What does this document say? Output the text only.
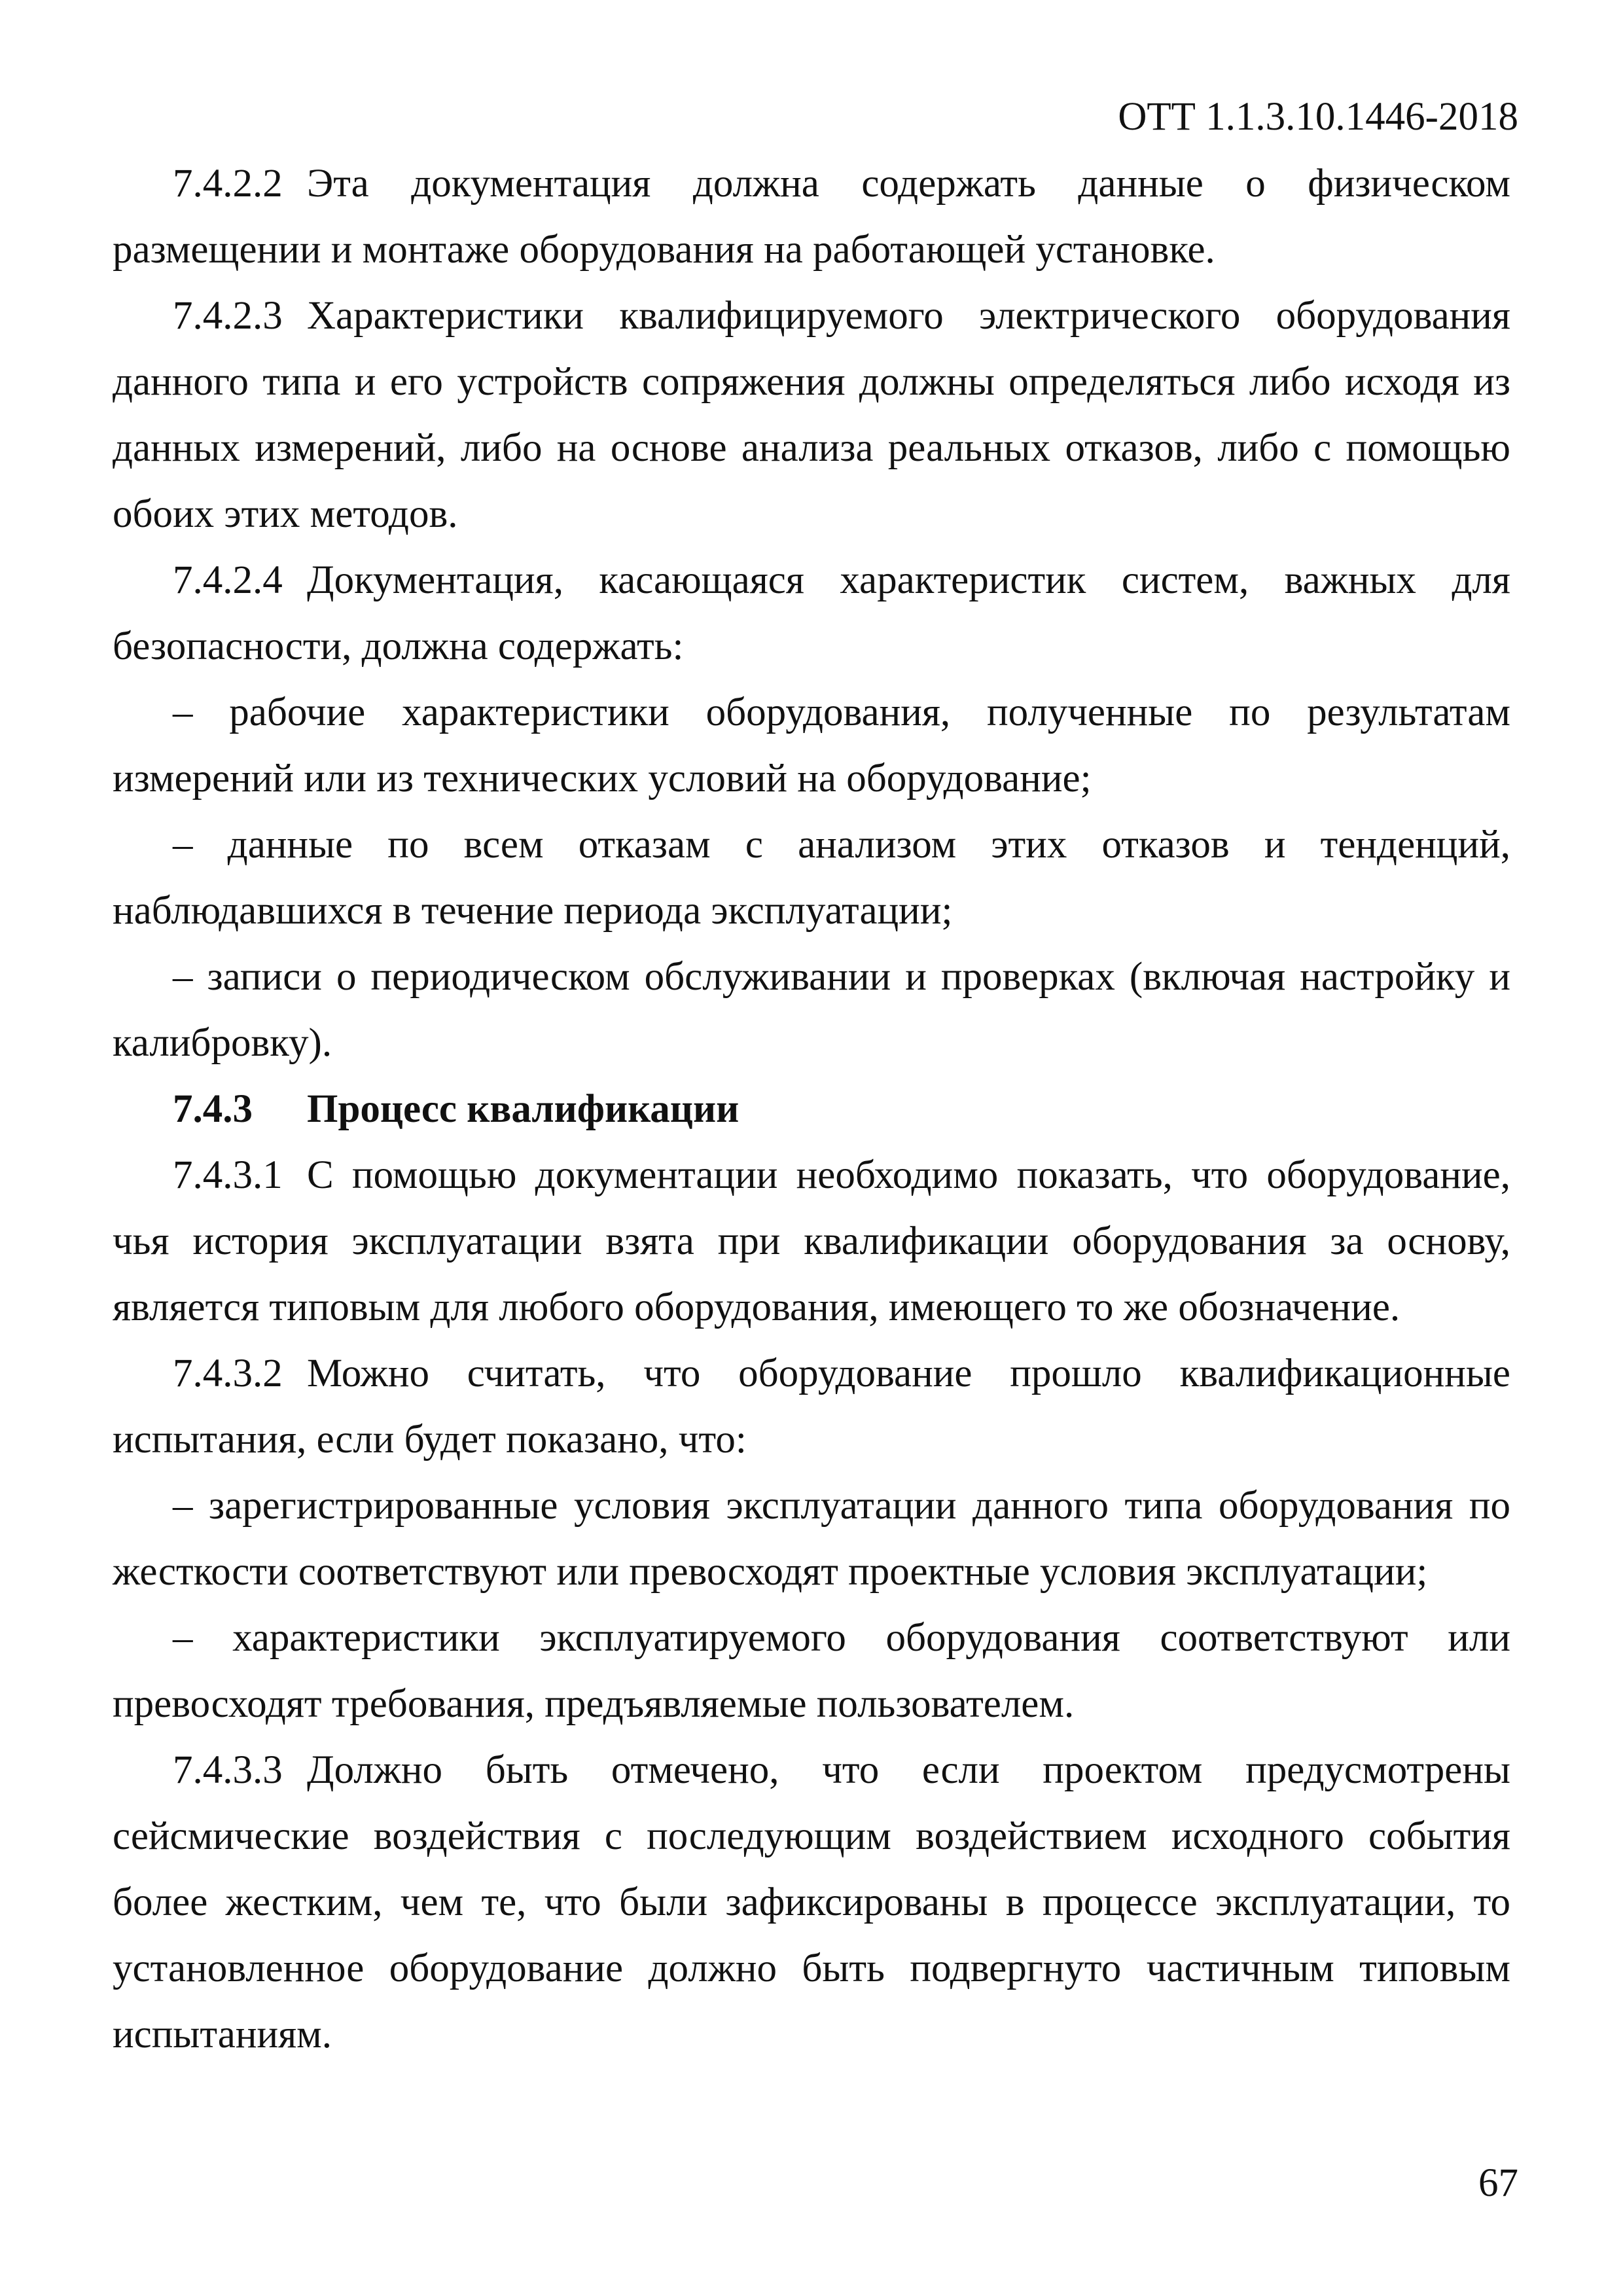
ОТТ 1.1.3.10.1446-2018

7.4.2.2 Эта документация должна содержать данные о физическом размещении и монтаже оборудования на работающей установке.

7.4.2.3 Характеристики квалифицируемого электрического оборудования данного типа и его устройств сопряжения должны определяться либо исходя из данных измерений, либо на основе анализа реальных отказов, либо с помощью обоих этих методов.

7.4.2.4 Документация, касающаяся характеристик систем, важных для безопасности, должна содержать:

– рабочие характеристики оборудования, полученные по результатам измерений или из технических условий на оборудование;

– данные по всем отказам с анализом этих отказов и тенденций, наблюдавшихся в течение периода эксплуатации;

– записи о периодическом обслуживании и проверках (включая настройку и калибровку).

7.4.3 Процесс квалификации

7.4.3.1 С помощью документации необходимо показать, что оборудование, чья история эксплуатации взята при квалификации оборудования за основу, является типовым для любого оборудования, имеющего то же обозначение.

7.4.3.2 Можно считать, что оборудование прошло квалификационные испытания, если будет показано, что:

– зарегистрированные условия эксплуатации данного типа оборудования по жесткости соответствуют или превосходят проектные условия эксплуатации;

– характеристики эксплуатируемого оборудования соответствуют или превосходят требования, предъявляемые пользователем.

7.4.3.3 Должно быть отмечено, что если проектом предусмотрены сейсмические воздействия с последующим воздействием исходного события более жестким, чем те, что были зафиксированы в процессе эксплуатации, то установленное оборудование должно быть подвергнуто частичным типовым испытаниям.

67
